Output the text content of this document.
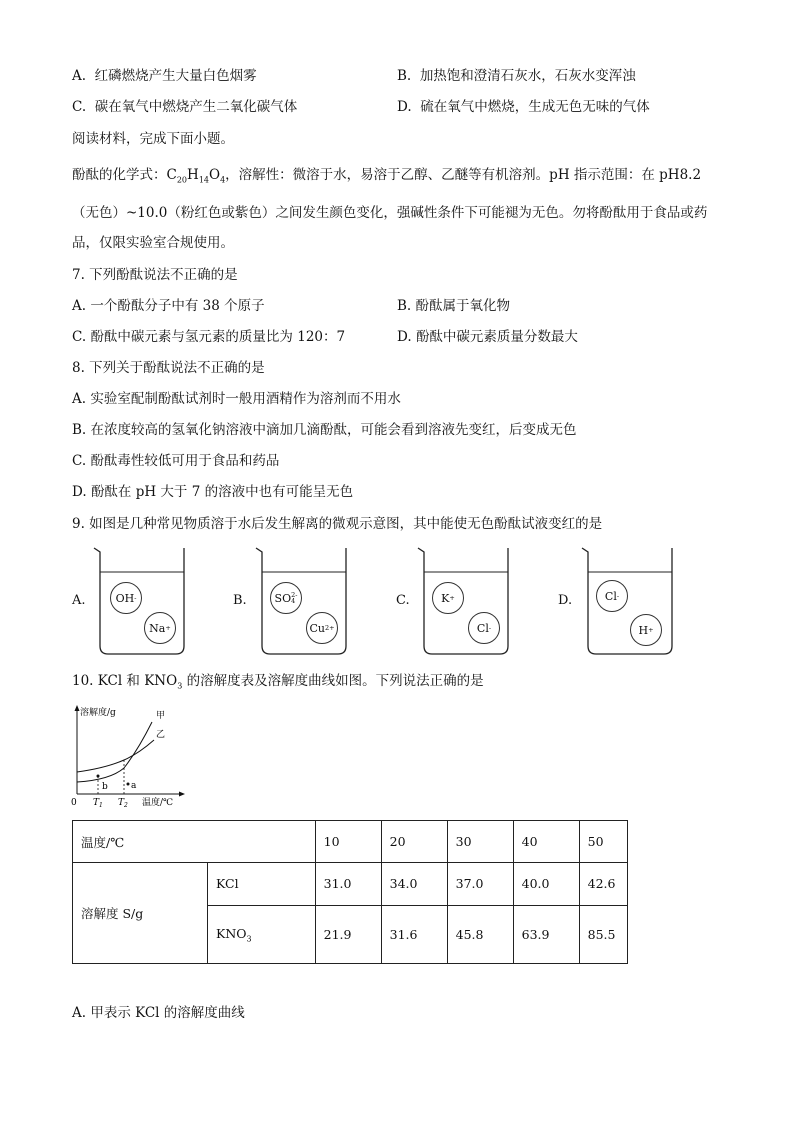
A. 红磷燃烧产生大量白色烟雾	B. 加热饱和澄清石灰水，石灰水变浑浊
C. 碳在氧气中燃烧产生二氧化碳气体	D. 硫在氧气中燃烧，生成无色无味的气体
阅读材料，完成下面小题。
酚酞的化学式：$C_{20}H_{14}O_4$，溶解性：微溶于水，易溶于乙醇、乙醚等有机溶剂。pH 指示范围：在 pH8.2
（无色）~10.0（粉红色或紫色）之间发生颜色变化，强碱性条件下可能褪为无色。勿将酚酞用于食品或药
品，仅限实验室合规使用。
7. 下列酚酞说法不正确的是
A. 一个酚酞分子中有 38 个原子	B. 酚酞属于氧化物
C. 酚酞中碳元素与氢元素的质量比为 120：7	D. 酚酞中碳元素质量分数最大
8. 下列关于酚酞说法不正确的是
A. 实验室配制酚酞试剂时一般用酒精作为溶剂而不用水
B. 在浓度较高的氢氧化钠溶液中滴加几滴酚酞，可能会看到溶液先变红，后变成无色
C. 酚酞毒性较低可用于食品和药品
D. 酚酞在 pH 大于 7 的溶液中也有可能呈无色
9. 如图是几种常见物质溶于水后发生解离的微观示意图，其中能使无色酚酞试液变红的是
A.	OH -
Na +
B.	SO 2-
4
Cu 2+
C.	K +
Cl -
D.	Cl -
H +
10. KCl 和 $KNO_3$ 的溶解度表及溶解度曲线如图。下列说法正确的是
溶解度/g	甲
乙
b	a
0 $T_1$ $T_2$ 温度/℃
温度/℃		10	20	30	40	50
溶解度 S/g	KCl	31.0	34.0	37.0	40.0	42.6
	$KNO_3$	21.9	31.6	45.8	63.9	85.5
A. 甲表示 KCl 的溶解度曲线
